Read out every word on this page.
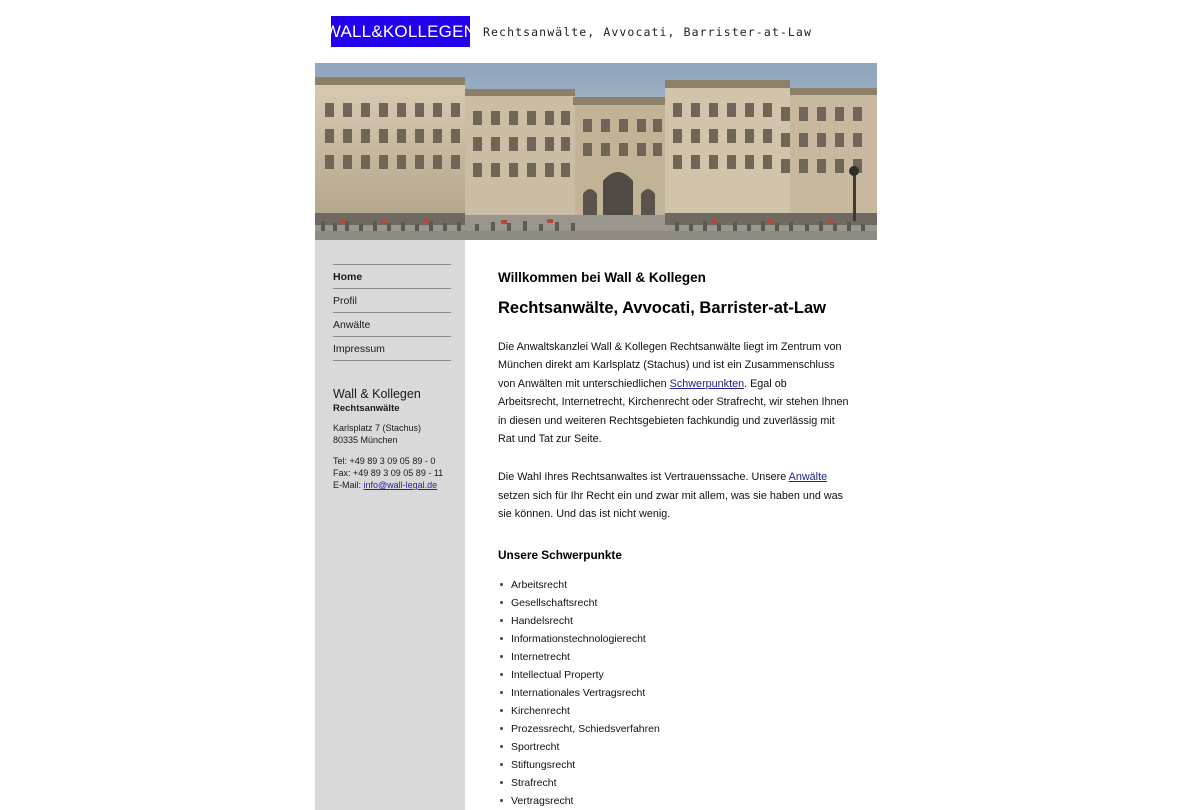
WALL&KOLLEGEN Rechtsanwälte, Avvocati, Barrister-at-Law
Home
Profil
Anwälte
Impressum
Wall & Kollegen
Rechtsanwälte
Karlsplatz 7 (Stachus)
80335 München
Tel: +49 89 3 09 05 89 - 0
Fax: +49 89 3 09 05 89 - 11
E-Mail: info@wall-legal.de
Willkommen bei Wall & Kollegen
Rechtsanwälte, Avvocati, Barrister-at-Law

Die Anwaltskanzlei Wall & Kollegen Rechtsanwälte liegt im Zentrum von München direkt am Karlsplatz (Stachus) und ist ein Zusammenschluss von Anwälten mit unterschiedlichen Schwerpunkten. Egal ob Arbeitsrecht, Internetrecht, Kirchenrecht oder Strafrecht, wir stehen Ihnen in diesen und weiteren Rechtsgebieten fachkundig und zuverlässig mit Rat und Tat zur Seite.

Die Wahl Ihres Rechtsanwaltes ist Vertrauenssache. Unsere Anwälte setzen sich für Ihr Recht ein und zwar mit allem, was sie haben und was sie können. Und das ist nicht wenig.

Unsere Schwerpunkte
Arbeitsrecht
Gesellschaftsrecht
Handelsrecht
Informationstechnologierecht
Internetrecht
Intellectual Property
Internationales Vertragsrecht
Kirchenrecht
Prozessrecht, Schiedsverfahren
Sportrecht
Stiftungsrecht
Strafrecht
Vertragsrecht
